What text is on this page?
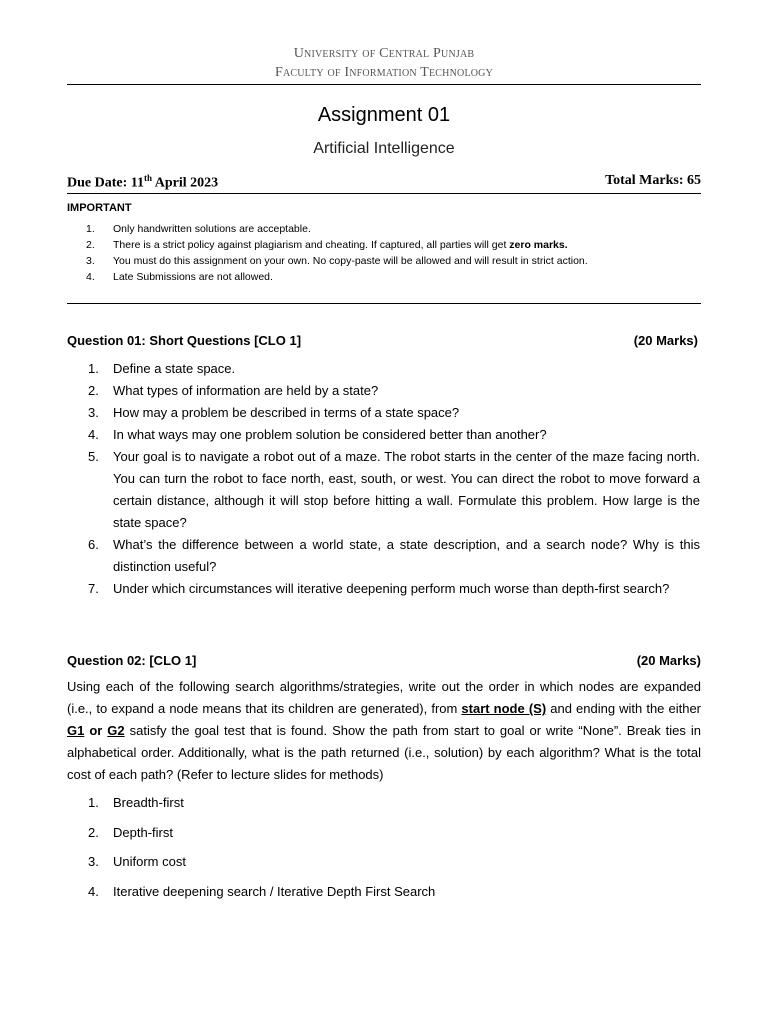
University of Central Punjab
Faculty of Information Technology
Assignment 01
Artificial Intelligence
Due Date: 11th April 2023	Total Marks: 65
IMPORTANT
1. Only handwritten solutions are acceptable.
2. There is a strict policy against plagiarism and cheating. If captured, all parties will get zero marks.
3. You must do this assignment on your own. No copy-paste will be allowed and will result in strict action.
4. Late Submissions are not allowed.
Question 01: Short Questions [CLO 1]	(20 Marks)
1. Define a state space.
2. What types of information are held by a state?
3. How may a problem be described in terms of a state space?
4. In what ways may one problem solution be considered better than another?
5. Your goal is to navigate a robot out of a maze. The robot starts in the center of the maze facing north. You can turn the robot to face north, east, south, or west. You can direct the robot to move forward a certain distance, although it will stop before hitting a wall. Formulate this problem. How large is the state space?
6. What’s the difference between a world state, a state description, and a search node? Why is this distinction useful?
7. Under which circumstances will iterative deepening perform much worse than depth-first search?
Question 02: [CLO 1]	(20 Marks)
Using each of the following search algorithms/strategies, write out the order in which nodes are expanded (i.e., to expand a node means that its children are generated), from start node (S) and ending with the either G1 or G2 satisfy the goal test that is found. Show the path from start to goal or write “None”. Break ties in alphabetical order. Additionally, what is the path returned (i.e., solution) by each algorithm? What is the total cost of each path? (Refer to lecture slides for methods)
1. Breadth-first
2. Depth-first
3. Uniform cost
4. Iterative deepening search / Iterative Depth First Search
